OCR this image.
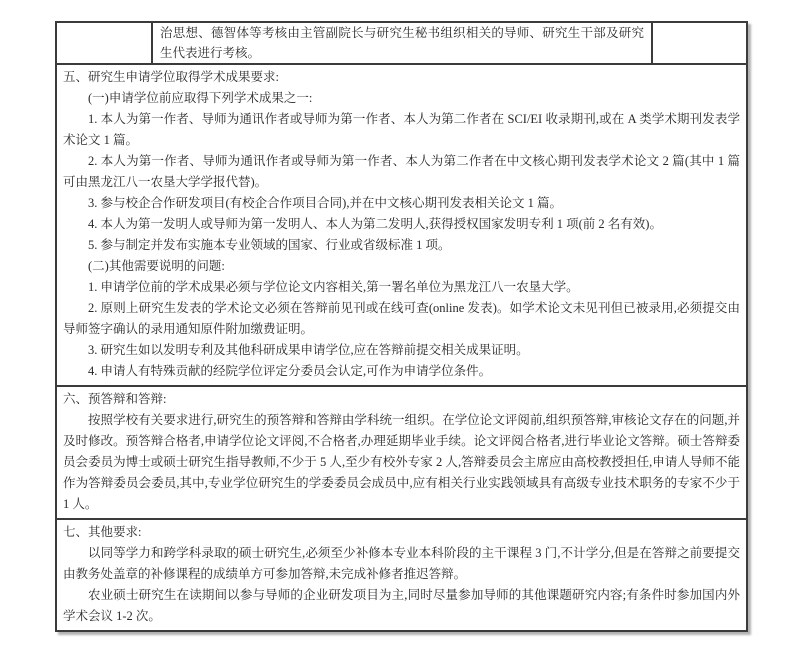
治思想、德智体等考核由主管副院长与研究生秘书组织相关的导师、研究生干部及研究生代表进行考核。

五、研究生申请学位取得学术成果要求:

(一)申请学位前应取得下列学术成果之一:

1. 本人为第一作者、导师为通讯作者或导师为第一作者、本人为第二作者在 SCI/EI 收录期刊,或在 A 类学术期刊发表学术论文 1 篇。

2. 本人为第一作者、导师为通讯作者或导师为第一作者、本人为第二作者在中文核心期刊发表学术论文 2 篇(其中 1 篇可由黑龙江八一农垦大学学报代替)。

3. 参与校企合作研发项目(有校企合作项目合同),并在中文核心期刊发表相关论文 1 篇。

4. 本人为第一发明人或导师为第一发明人、本人为第二发明人,获得授权国家发明专利 1 项(前 2 名有效)。

5. 参与制定并发布实施本专业领域的国家、行业或省级标准 1 项。

(二)其他需要说明的问题:

1. 申请学位前的学术成果必须与学位论文内容相关,第一署名单位为黑龙江八一农垦大学。

2. 原则上研究生发表的学术论文必须在答辩前见刊或在线可查(online 发表)。如学术论文未见刊但已被录用,必须提交由导师签字确认的录用通知原件附加缴费证明。

3. 研究生如以发明专利及其他科研成果申请学位,应在答辩前提交相关成果证明。

4. 申请人有特殊贡献的经院学位评定分委员会认定,可作为申请学位条件。

六、预答辩和答辩:

按照学校有关要求进行,研究生的预答辩和答辩由学科统一组织。在学位论文评阅前,组织预答辩,审核论文存在的问题,并及时修改。预答辩合格者,申请学位论文评阅,不合格者,办理延期毕业手续。论文评阅合格者,进行毕业论文答辩。硕士答辩委员会委员为博士或硕士研究生指导教师,不少于 5 人,至少有校外专家 2 人,答辩委员会主席应由高校教授担任,申请人导师不能作为答辩委员会委员,其中,专业学位研究生的学委委员会成员中,应有相关行业实践领域具有高级专业技术职务的专家不少于 1 人。

七、其他要求:

以同等学力和跨学科录取的硕士研究生,必须至少补修本专业本科阶段的主干课程 3 门,不计学分,但是在答辩之前要提交由教务处盖章的补修课程的成绩单方可参加答辩,未完成补修者推迟答辩。

农业硕士研究生在读期间以参与导师的企业研发项目为主,同时尽量参加导师的其他课题研究内容;有条件时参加国内外学术会议 1-2 次。
